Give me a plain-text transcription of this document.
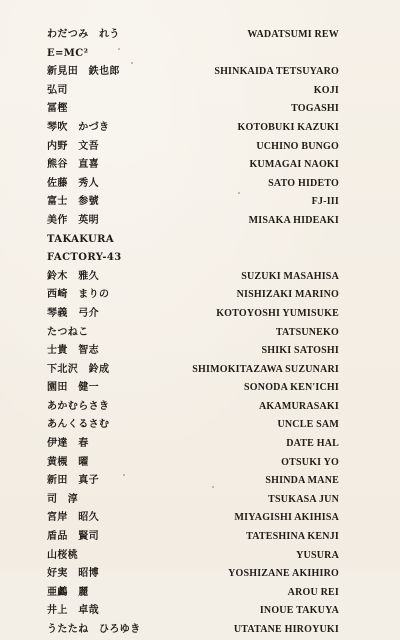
わだつみ　れう	WADATSUMI REW
E=MC²
新見田　鉄也郎	SHINKAIDA TETSUYARO
弘司	KOJI
冨樫	TOGASHI
琴吹　かづき	KOTOBUKI KAZUKI
内野　文吾	UCHINO BUNGO
熊谷　直喜	KUMAGAI NAOKI
佐藤　秀人	SATO HIDETO
富士　参號	FJ-III
美作　英明	MISAKA HIDEAKI
TAKAKURA
FACTORY-43
鈴木　雅久	SUZUKI MASAHISA
西崎　まりの	NISHIZAKI MARINO
琴義　弓介	KOTOYOSHI YUMISUKE
たつねこ	TATSUNEKO
士貴　智志	SHIKI SATOSHI
下北沢　鈴成	SHIMOKITAZAWA SUZUNARI
園田　健一	SONODA KEN'ICHI
あかむらさき	AKAMURASAKI
あんくるさむ	UNCLE SAM
伊達　春	DATE HAL
黄槻　曜	OTSUKI YO
新田　真子	SHINDA MANE
司　淳	TSUKASA JUN
宮岸　昭久	MIYAGISHI AKIHISA
盾品　賢司	TATESHINA KENJI
山桜桃	YUSURA
好実　昭博	YOSHIZANE AKIHIRO
亜鸕　麗	AROU REI
井上　卓哉	INOUE TAKUYA
うたたね　ひろゆき	UTATANE HIROYUKI
